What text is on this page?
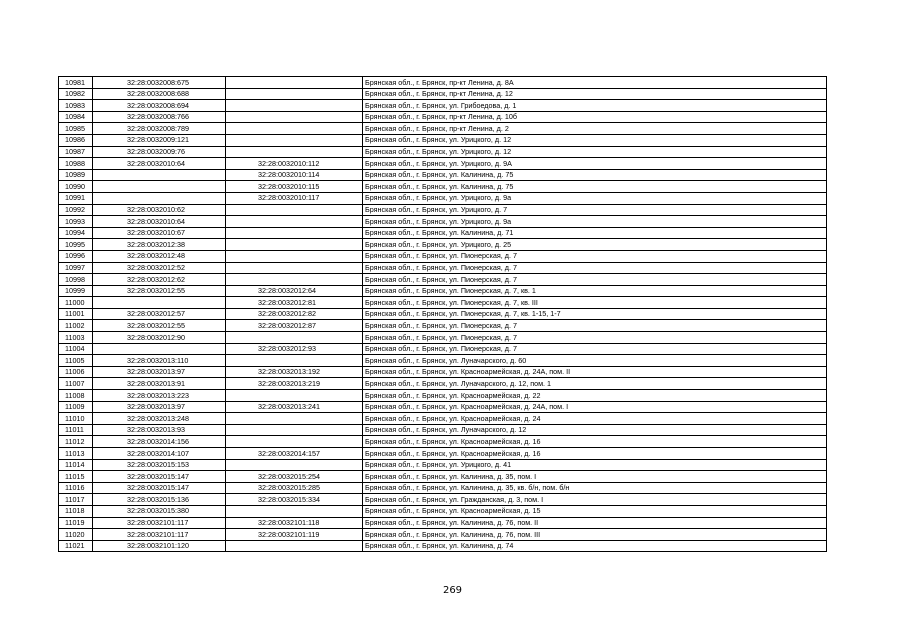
10981	32:28:0032008:675		Брянская обл., г. Брянск, пр-кт Ленина, д. 8А
10982	32:28:0032008:688		Брянская обл., г. Брянск, пр-кт Ленина, д. 12
10983	32:28:0032008:694		Брянская обл., г. Брянск, ул. Грибоедова, д. 1
10984	32:28:0032008:766		Брянская обл., г. Брянск, пр-кт Ленина, д. 10б
10985	32:28:0032008:789		Брянская обл., г. Брянск, пр-кт Ленина, д. 2
10986	32:28:0032009:121		Брянская обл., г. Брянск, ул. Урицкого, д. 12
10987	32:28:0032009:76		Брянская обл., г. Брянск, ул. Урицкого, д. 12
10988	32:28:0032010:64	32:28:0032010:112	Брянская обл., г. Брянск, ул. Урицкого, д. 9А
10989		32:28:0032010:114	Брянская обл., г. Брянск, ул. Калинина, д. 75
10990		32:28:0032010:115	Брянская обл., г. Брянск, ул. Калинина, д. 75
10991		32:28:0032010:117	Брянская обл., г. Брянск, ул. Урицкого, д. 9а
10992	32:28:0032010:62		Брянская обл., г. Брянск, ул. Урицкого, д. 7
10993	32:28:0032010:64		Брянская обл., г. Брянск, ул. Урицкого, д. 9а
10994	32:28:0032010:67		Брянская обл., г. Брянск, ул. Калинина, д. 71
10995	32:28:0032012:38		Брянская обл., г. Брянск, ул. Урицкого, д. 25
10996	32:28:0032012:48		Брянская обл., г. Брянск, ул. Пионерская, д. 7
10997	32:28:0032012:52		Брянская обл., г. Брянск, ул. Пионерская, д. 7
10998	32:28:0032012:62		Брянская обл., г. Брянск, ул. Пионерская, д. 7
10999	32:28:0032012:55	32:28:0032012:64	Брянская обл., г. Брянск, ул. Пионерская, д. 7, кв. 1
11000		32:28:0032012:81	Брянская обл., г. Брянск, ул. Пионерская, д. 7, кв. III
11001	32:28:0032012:57	32:28:0032012:82	Брянская обл., г. Брянск, ул. Пионерская, д. 7, кв. 1-15, 1-7
11002	32:28:0032012:55	32:28:0032012:87	Брянская обл., г. Брянск, ул. Пионерская, д. 7
11003	32:28:0032012:90		Брянская обл., г. Брянск, ул. Пионерская, д. 7
11004		32:28:0032012:93	Брянская обл., г. Брянск, ул. Пионерская, д. 7
11005	32:28:0032013:110		Брянская обл., г. Брянск, ул. Луначарского, д. 60
11006	32:28:0032013:97	32:28:0032013:192	Брянская обл., г. Брянск, ул. Красноармейская, д. 24А, пом. II
11007	32:28:0032013:91	32:28:0032013:219	Брянская обл., г. Брянск, ул. Луначарского, д. 12, пом. 1
11008	32:28:0032013:223		Брянская обл., г. Брянск, ул. Красноармейская, д. 22
11009	32:28:0032013:97	32:28:0032013:241	Брянская обл., г. Брянск, ул. Красноармейская, д. 24А, пом. I
11010	32:28:0032013:248		Брянская обл., г. Брянск, ул. Красноармейская, д. 24
11011	32:28:0032013:93		Брянская обл., г. Брянск, ул. Луначарского, д. 12
11012	32:28:0032014:156		Брянская обл., г. Брянск, ул. Красноармейская, д. 16
11013	32:28:0032014:107	32:28:0032014:157	Брянская обл., г. Брянск, ул. Красноармейская, д. 16
11014	32:28:0032015:153		Брянская обл., г. Брянск, ул. Урицкого, д. 41
11015	32:28:0032015:147	32:28:0032015:254	Брянская обл., г. Брянск, ул. Калинина, д. 35, пом. I
11016	32:28:0032015:147	32:28:0032015:285	Брянская обл., г. Брянск, ул. Калинина, д. 35, кв. б/н, пом. б/н
11017	32:28:0032015:136	32:28:0032015:334	Брянская обл., г. Брянск, ул. Гражданская, д. 3, пом. I
11018	32:28:0032015:380		Брянская обл., г. Брянск, ул. Красноармейская, д. 15
11019	32:28:0032101:117	32:28:0032101:118	Брянская обл., г. Брянск, ул. Калинина, д. 76, пом. II
11020	32:28:0032101:117	32:28:0032101:119	Брянская обл., г. Брянск, ул. Калинина, д. 76, пом. III
11021	32:28:0032101:120		Брянская обл., г. Брянск, ул. Калинина, д. 74
269
